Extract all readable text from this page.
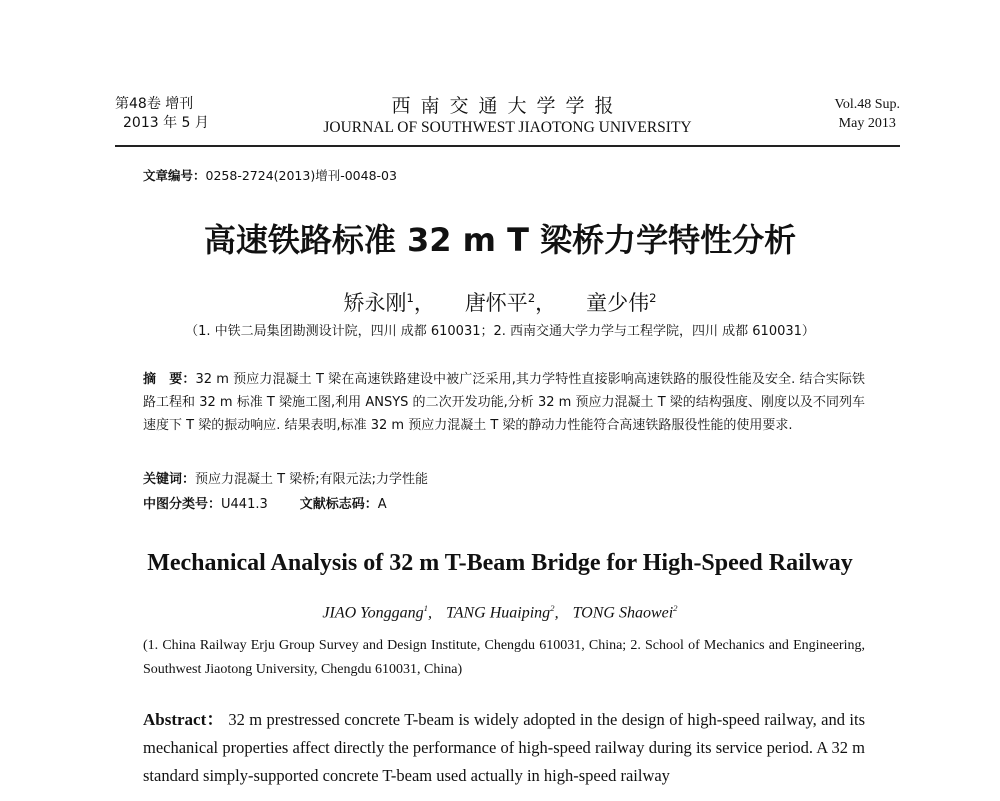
第48卷 增刊
2013 年 5 月
西南交通大学学报
JOURNAL OF SOUTHWEST JIAOTONG UNIVERSITY
Vol.48 Sup.
May 2013
文章编号：0258-2724(2013)增刊-0048-03
高速铁路标准 32 m T 梁桥力学特性分析
矫永刚$^1$， 唐怀平$^2$， 童少伟$^2$
（1. 中铁二局集团勘测设计院，四川 成都 610031；2. 西南交通大学力学与工程学院，四川 成都 610031）
摘　要：32 m 预应力混凝土 T 梁在高速铁路建设中被广泛采用,其力学特性直接影响高速铁路的服役性能及安全. 结合实际铁路工程和 32 m 标准 T 梁施工图,利用 ANSYS 的二次开发功能,分析 32 m 预应力混凝土 T 梁的结构强度、刚度以及不同列车速度下 T 梁的振动响应. 结果表明,标准 32 m 预应力混凝土 T 梁的静动力性能符合高速铁路服役性能的使用要求.
关键词：预应力混凝土 T 梁桥;有限元法;力学性能
中图分类号：U441.3 文献标志码：A
Mechanical Analysis of 32 m T-Beam Bridge for High-Speed Railway
JIAO Yonggang$^1$, TANG Huaiping$^2$, TONG Shaowei$^2$
(1. China Railway Erju Group Survey and Design Institute, Chengdu 610031, China; 2. School of Mechanics and Engineering, Southwest Jiaotong University, Chengdu 610031, China)
Abstract： 32 m prestressed concrete T-beam is widely adopted in the design of high-speed railway, and its mechanical properties affect directly the performance of high-speed railway during its service period. A 32 m standard simply-supported concrete T-beam used actually in high-speed railway
